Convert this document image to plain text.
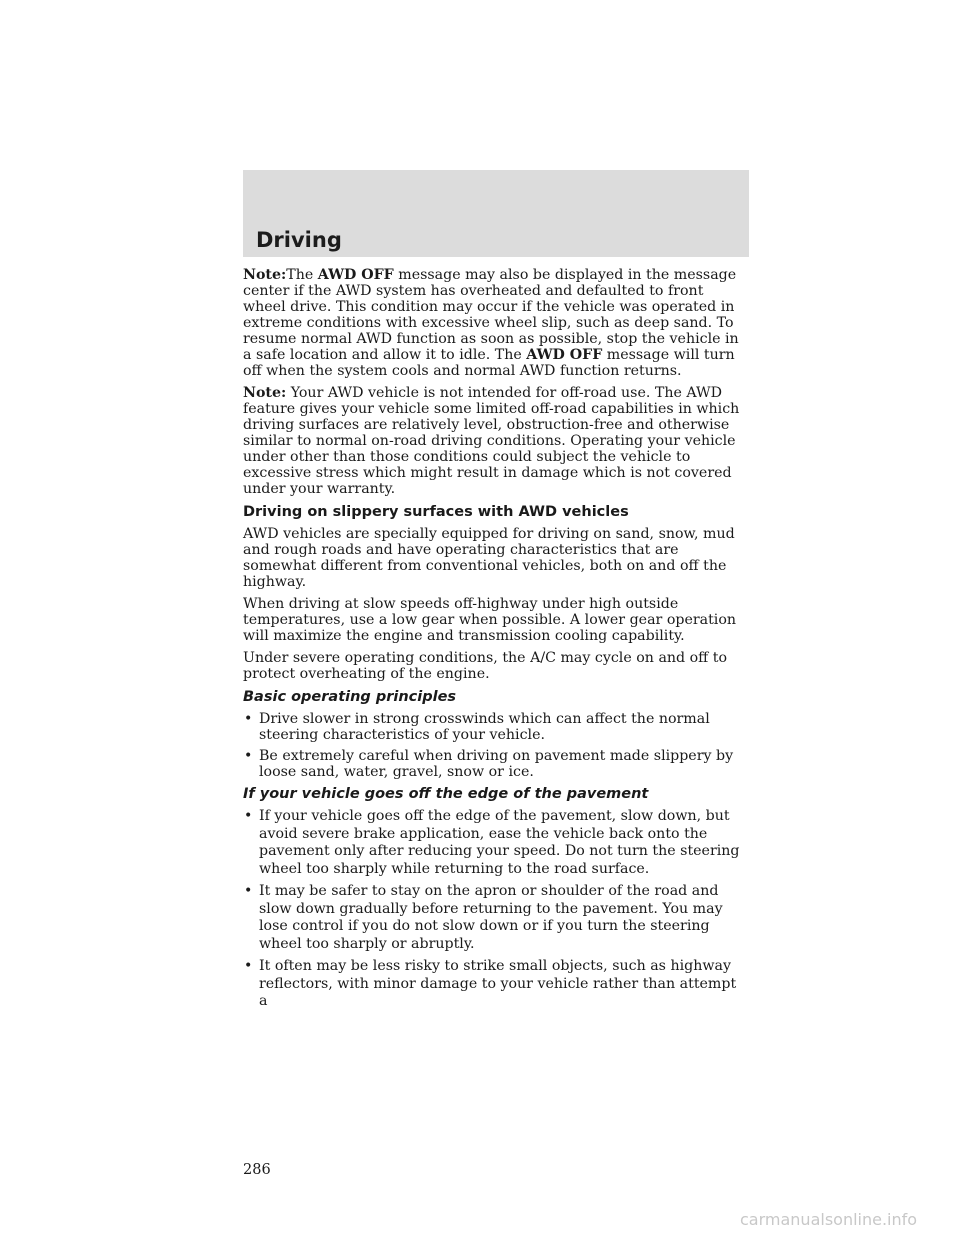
Driving

Note:The AWD OFF message may also be displayed in the message center if the AWD system has overheated and defaulted to front wheel drive. This condition may occur if the vehicle was operated in extreme conditions with excessive wheel slip, such as deep sand. To resume normal AWD function as soon as possible, stop the vehicle in a safe location and allow it to idle. The AWD OFF message will turn off when the system cools and normal AWD function returns.

Note: Your AWD vehicle is not intended for off-road use. The AWD feature gives your vehicle some limited off-road capabilities in which driving surfaces are relatively level, obstruction-free and otherwise similar to normal on-road driving conditions. Operating your vehicle under other than those conditions could subject the vehicle to excessive stress which might result in damage which is not covered under your warranty.

Driving on slippery surfaces with AWD vehicles

AWD vehicles are specially equipped for driving on sand, snow, mud and rough roads and have operating characteristics that are somewhat different from conventional vehicles, both on and off the highway.

When driving at slow speeds off-highway under high outside temperatures, use a low gear when possible. A lower gear operation will maximize the engine and transmission cooling capability.

Under severe operating conditions, the A/C may cycle on and off to protect overheating of the engine.

Basic operating principles
• Drive slower in strong crosswinds which can affect the normal steering characteristics of your vehicle.
• Be extremely careful when driving on pavement made slippery by loose sand, water, gravel, snow or ice.
If your vehicle goes off the edge of the pavement
• If your vehicle goes off the edge of the pavement, slow down, but avoid severe brake application, ease the vehicle back onto the pavement only after reducing your speed. Do not turn the steering wheel too sharply while returning to the road surface.
• It may be safer to stay on the apron or shoulder of the road and slow down gradually before returning to the pavement. You may lose control if you do not slow down or if you turn the steering wheel too sharply or abruptly.
• It often may be less risky to strike small objects, such as highway reflectors, with minor damage to your vehicle rather than attempt a
286
carmanualsonline.info
